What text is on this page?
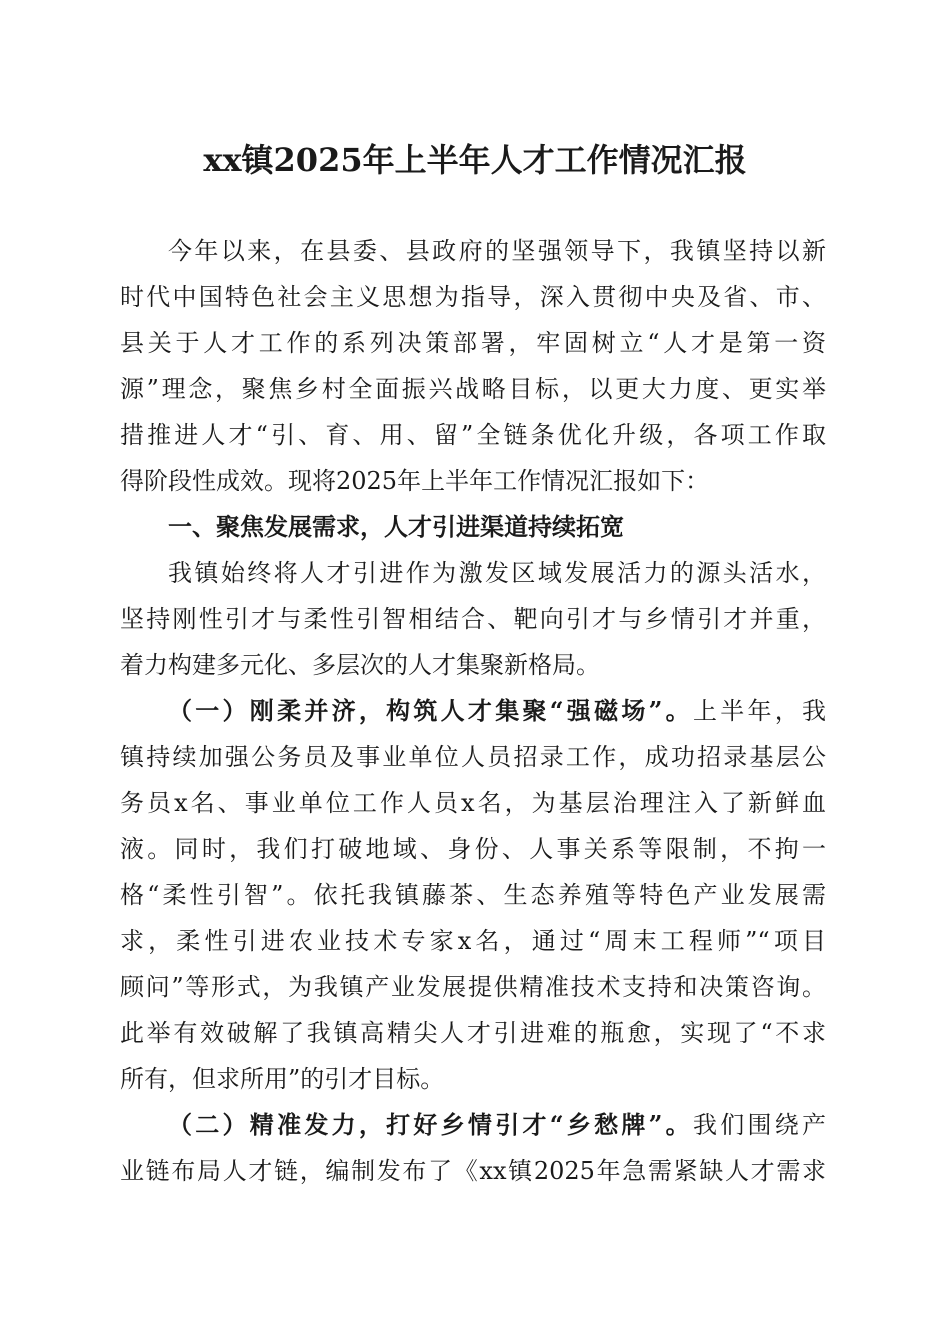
xx镇2025年上半年人才工作情况汇报
今年以来，在县委、县政府的坚强领导下，我镇坚持以新
时代中国特色社会主义思想为指导，深入贯彻中央及省、市、
县关于人才工作的系列决策部署，牢固树立“人才是第一资
源”理念，聚焦乡村全面振兴战略目标，以更大力度、更实举
措推进人才“引、育、用、留”全链条优化升级，各项工作取
得阶段性成效。现将2025年上半年工作情况汇报如下：
一、聚焦发展需求，人才引进渠道持续拓宽
我镇始终将人才引进作为激发区域发展活力的源头活水，
坚持刚性引才与柔性引智相结合、靶向引才与乡情引才并重，
着力构建多元化、多层次的人才集聚新格局。
（一）刚柔并济，构筑人才集聚“强磁场”。上半年，我
镇持续加强公务员及事业单位人员招录工作，成功招录基层公
务员x名、事业单位工作人员x名，为基层治理注入了新鲜血
液。同时，我们打破地域、身份、人事关系等限制，不拘一
格“柔性引智”。依托我镇藤茶、生态养殖等特色产业发展需
求，柔性引进农业技术专家x名，通过“周末工程师”“项目
顾问”等形式，为我镇产业发展提供精准技术支持和决策咨询。
此举有效破解了我镇高精尖人才引进难的瓶愈，实现了“不求
所有，但求所用”的引才目标。
（二）精准发力，打好乡情引才“乡愁牌”。我们围绕产
业链布局人才链，编制发布了《xx镇2025年急需紧缺人才需求
